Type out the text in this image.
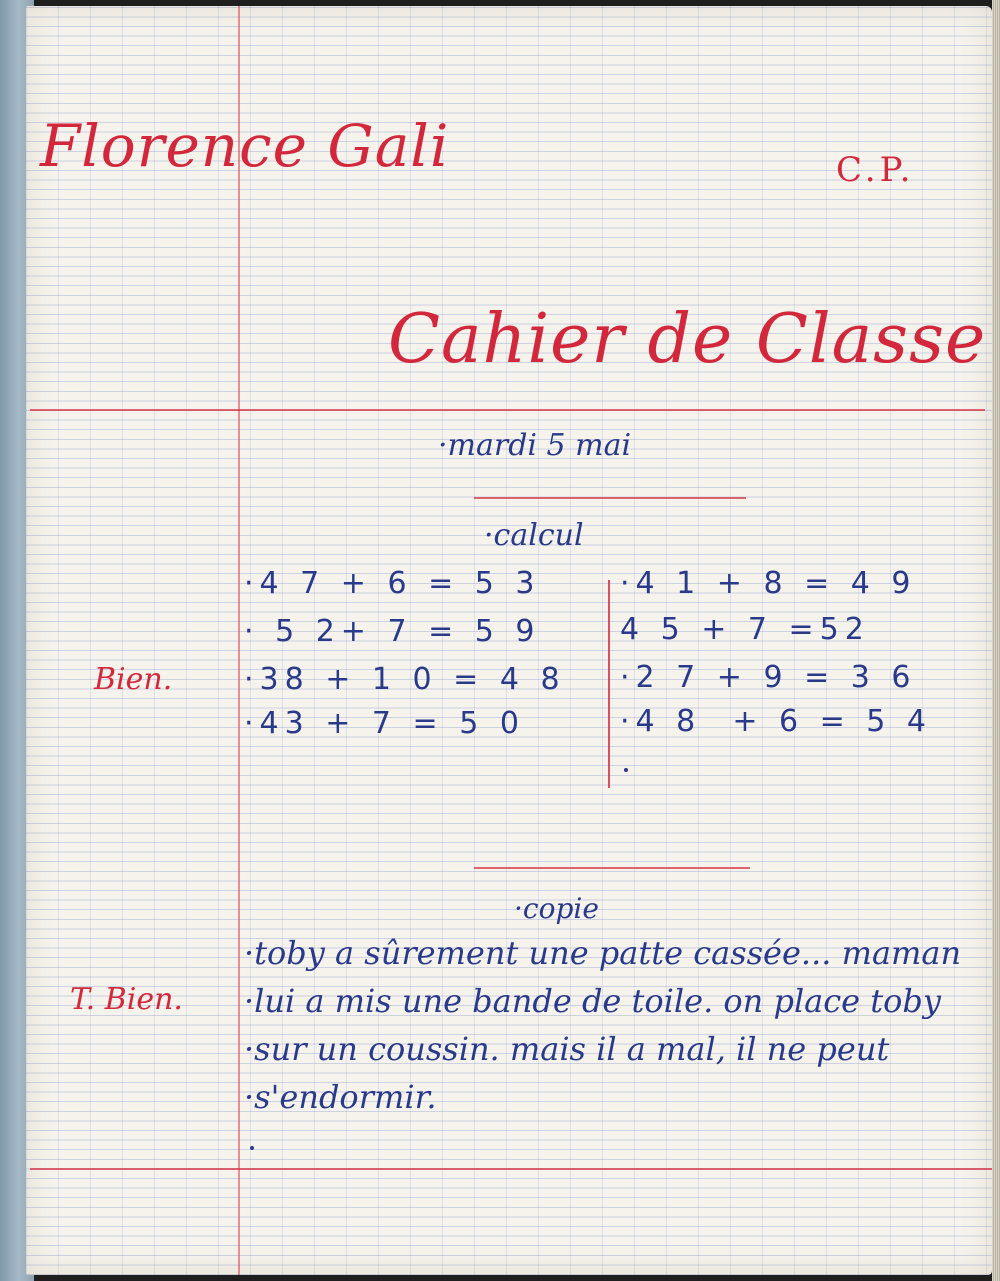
Florence Gali	C.P.
Cahier de Classe
·mardi 5 mai
·calcul
·4 7 + 6 = 5 3
· 5 2+ 7 = 5 9
·38 + 1 0 = 4 8
·43 + 7 = 5 0
·4 1 + 8 = 4 9
4 5 + 7 =52
·2 7 + 9 = 3 6
·4 8  + 6 = 5 4
Bien.
·copie
·toby a sûrement une patte cassée... maman
·lui a mis une bande de toile. on place toby
·sur un coussin. mais il a mal, il ne peut
·s'endormir.
T. Bien.
